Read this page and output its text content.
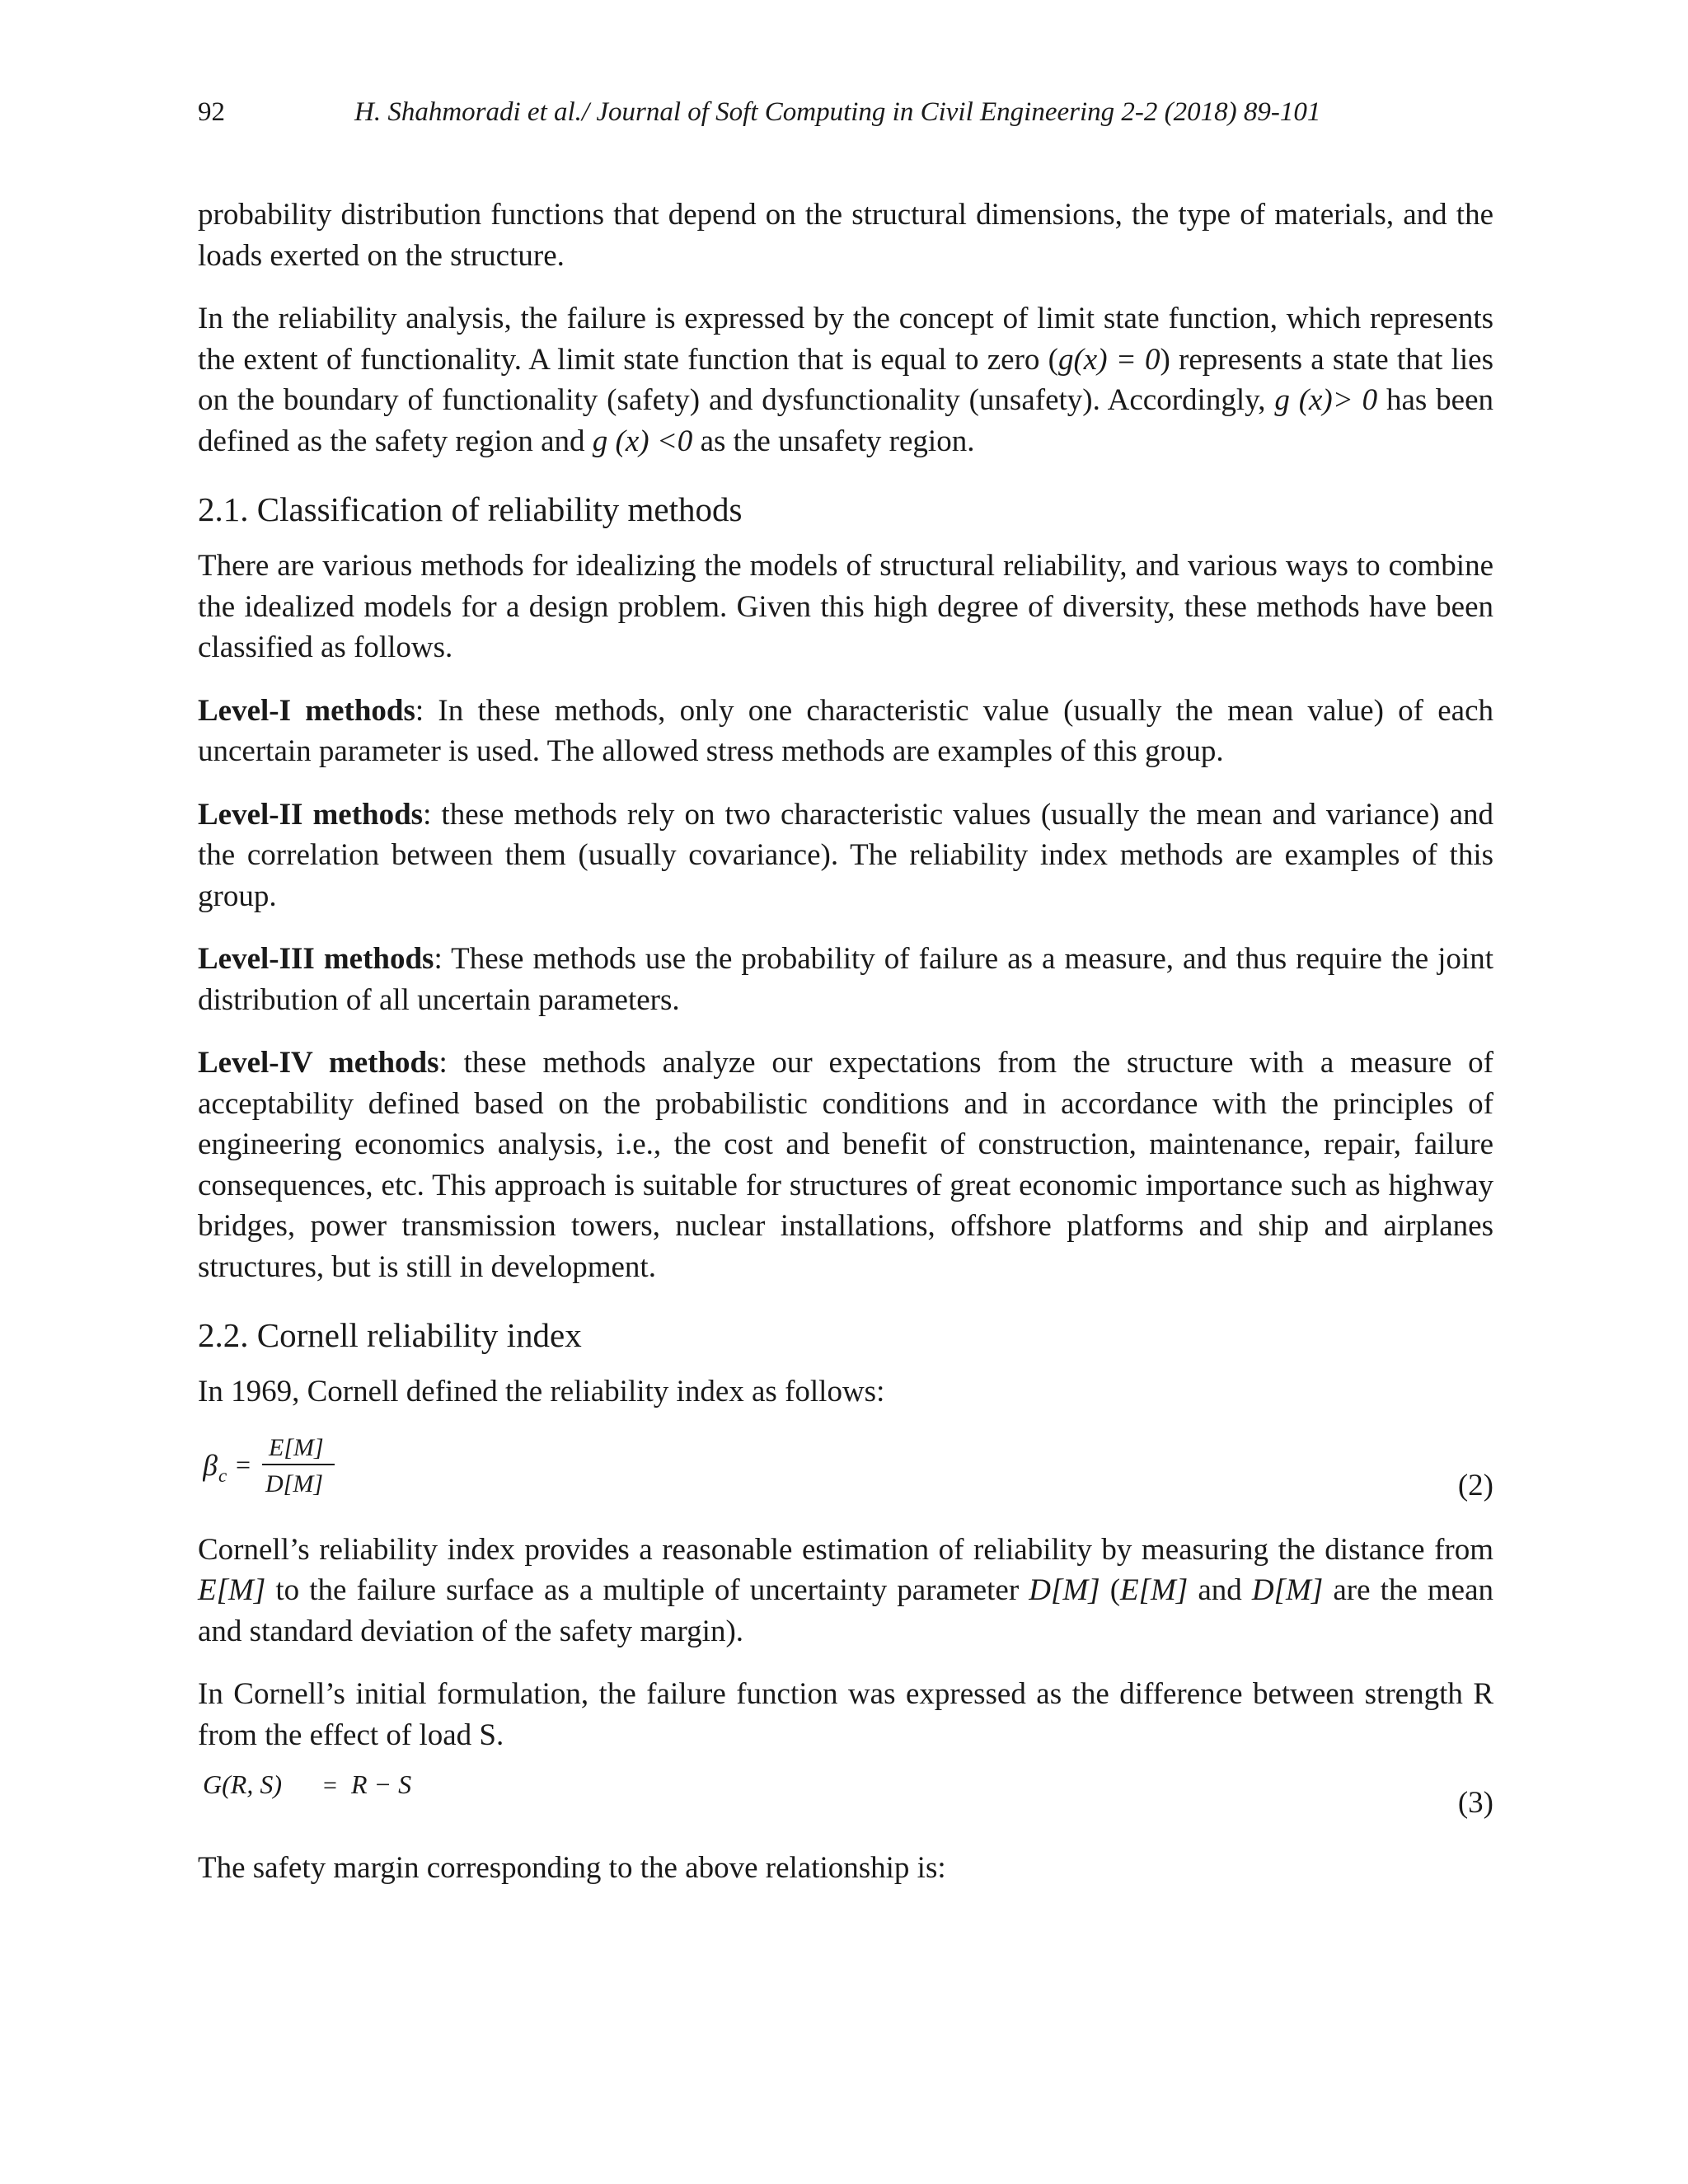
92	H. Shahmoradi et al./ Journal of Soft Computing in Civil Engineering 2-2 (2018) 89-101

probability distribution functions that depend on the structural dimensions, the type of materials, and the loads exerted on the structure.

In the reliability analysis, the failure is expressed by the concept of limit state function, which represents the extent of functionality. A limit state function that is equal to zero (g(x) = 0) represents a state that lies on the boundary of functionality (safety) and dysfunctionality (unsafety). Accordingly, g (x)> 0 has been defined as the safety region and g (x) <0 as the unsafety region.

2.1. Classification of reliability methods

There are various methods for idealizing the models of structural reliability, and various ways to combine the idealized models for a design problem. Given this high degree of diversity, these methods have been classified as follows.

Level-I methods: In these methods, only one characteristic value (usually the mean value) of each uncertain parameter is used. The allowed stress methods are examples of this group.

Level-II methods: these methods rely on two characteristic values (usually the mean and variance) and the correlation between them (usually covariance). The reliability index methods are examples of this group.

Level-III methods: These methods use the probability of failure as a measure, and thus require the joint distribution of all uncertain parameters.

Level-IV methods: these methods analyze our expectations from the structure with a measure of acceptability defined based on the probabilistic conditions and in accordance with the principles of engineering economics analysis, i.e., the cost and benefit of construction, maintenance, repair, failure consequences, etc. This approach is suitable for structures of great economic importance such as highway bridges, power transmission towers, nuclear installations, offshore platforms and ship and airplanes structures, but is still in development.

2.2. Cornell reliability index

In 1969, Cornell defined the reliability index as follows:

β c =
E[M]
D[M]	(2)

Cornell’s reliability index provides a reasonable estimation of reliability by measuring the distance from E[M] to the failure surface as a multiple of uncertainty parameter D[M] (E[M] and D[M] are the mean and standard deviation of the safety margin).

In Cornell’s initial formulation, the failure function was expressed as the difference between strength R from the effect of load S.

G(R, S) = R − S
(3)

The safety margin corresponding to the above relationship is:
